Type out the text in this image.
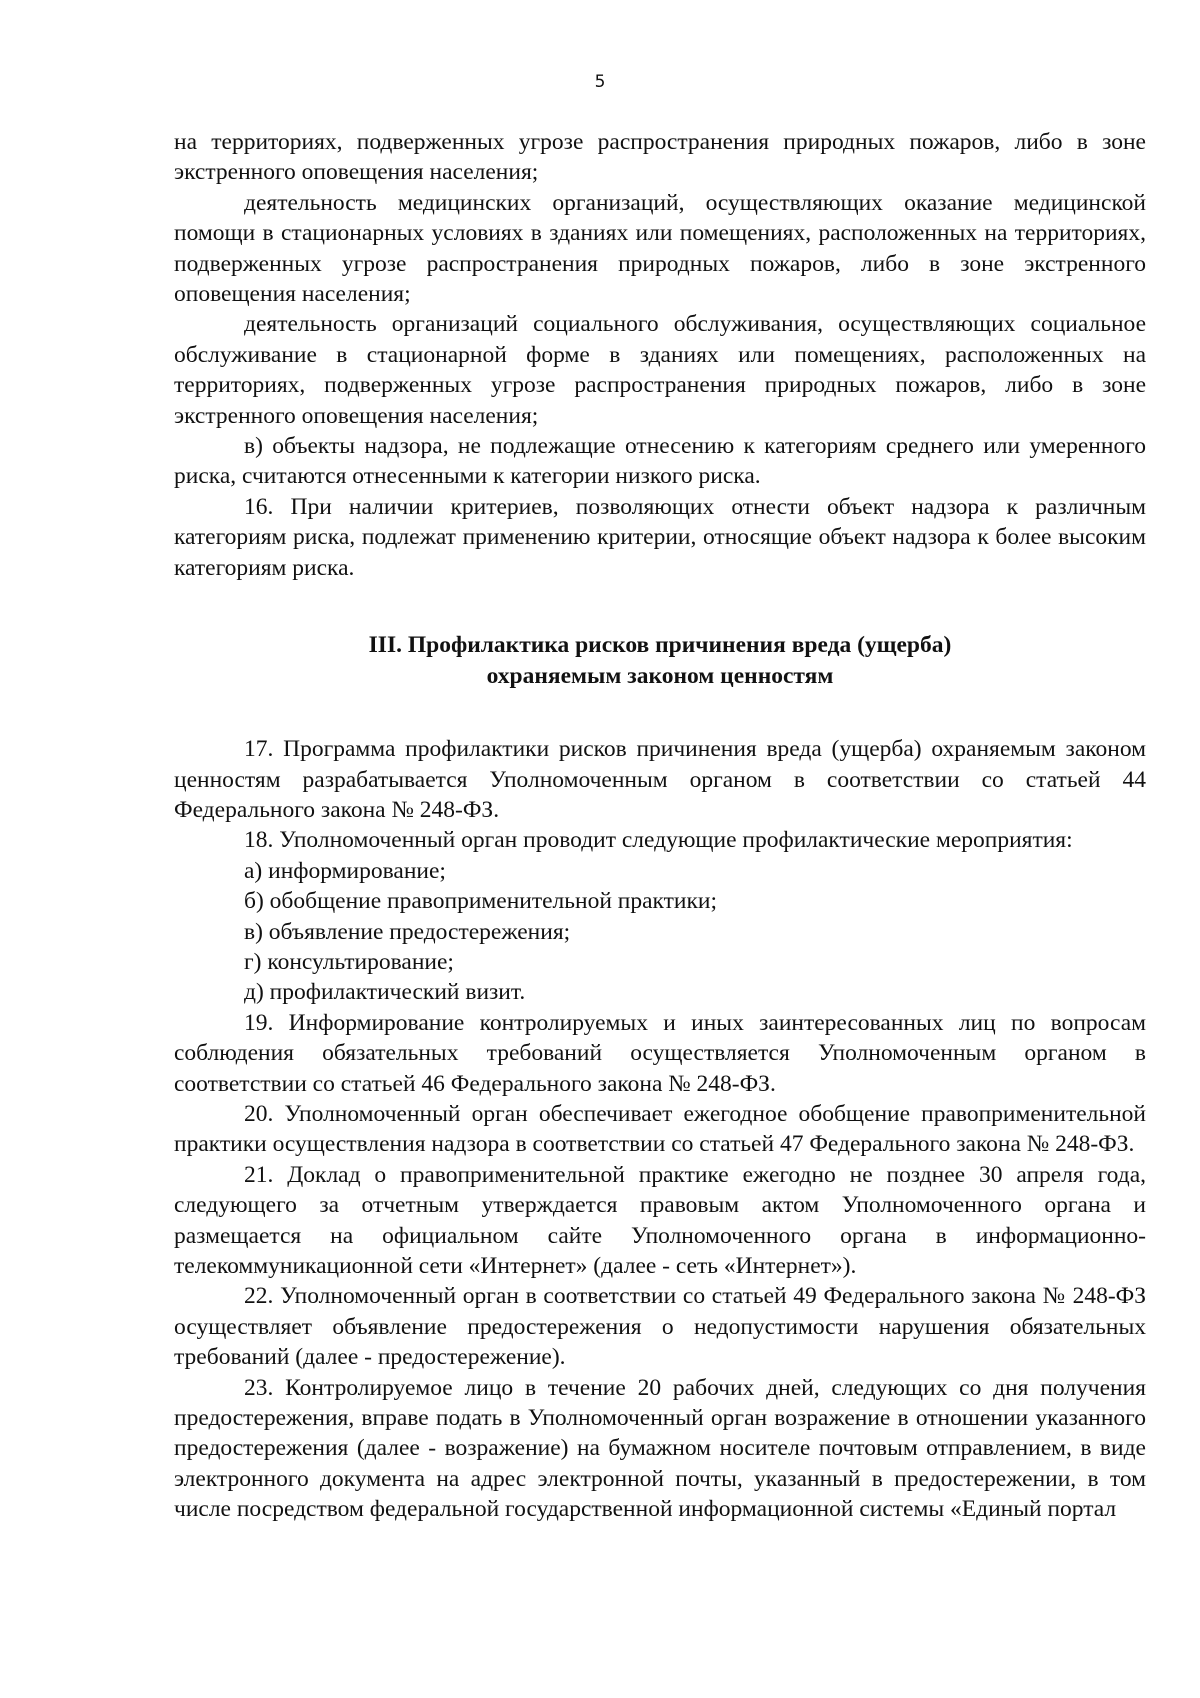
5

на территориях, подверженных угрозе распространения природных пожаров, либо в зоне экстренного оповещения населения;

деятельность медицинских организаций, осуществляющих оказание медицинской помощи в стационарных условиях в зданиях или помещениях, расположенных на территориях, подверженных угрозе распространения природных пожаров, либо в зоне экстренного оповещения населения;

деятельность организаций социального обслуживания, осуществляющих социальное обслуживание в стационарной форме в зданиях или помещениях, расположенных на территориях, подверженных угрозе распространения природных пожаров, либо в зоне экстренного оповещения населения;

в) объекты надзора, не подлежащие отнесению к категориям среднего или умеренного риска, считаются отнесенными к категории низкого риска.

16. При наличии критериев, позволяющих отнести объект надзора к различным категориям риска, подлежат применению критерии, относящие объект надзора к более высоким категориям риска.

III. Профилактика рисков причинения вреда (ущерба)
охраняемым законом ценностям

17. Программа профилактики рисков причинения вреда (ущерба) охраняемым законом ценностям разрабатывается Уполномоченным органом в соответствии со статьей 44 Федерального закона № 248-ФЗ.

18. Уполномоченный орган проводит следующие профилактические мероприятия:

а) информирование;

б) обобщение правоприменительной практики;

в) объявление предостережения;

г) консультирование;

д) профилактический визит.

19. Информирование контролируемых и иных заинтересованных лиц по вопросам соблюдения обязательных требований осуществляется Уполномоченным органом в соответствии со статьей 46 Федерального закона № 248-ФЗ.

20. Уполномоченный орган обеспечивает ежегодное обобщение правоприменительной практики осуществления надзора в соответствии со статьей 47 Федерального закона № 248-ФЗ.

21. Доклад о правоприменительной практике ежегодно не позднее 30 апреля года, следующего за отчетным утверждается правовым актом Уполномоченного органа и размещается на официальном сайте Уполномоченного органа в информационно-телекоммуникационной сети «Интернет» (далее - сеть «Интернет»).

22. Уполномоченный орган в соответствии со статьей 49 Федерального закона № 248-ФЗ осуществляет объявление предостережения о недопустимости нарушения обязательных требований (далее - предостережение).

23. Контролируемое лицо в течение 20 рабочих дней, следующих со дня получения предостережения, вправе подать в Уполномоченный орган возражение в отношении указанного предостережения (далее - возражение) на бумажном носителе почтовым отправлением, в виде электронного документа на адрес электронной почты, указанный в предостережении, в том числе посредством федеральной государственной информационной системы «Единый портал
